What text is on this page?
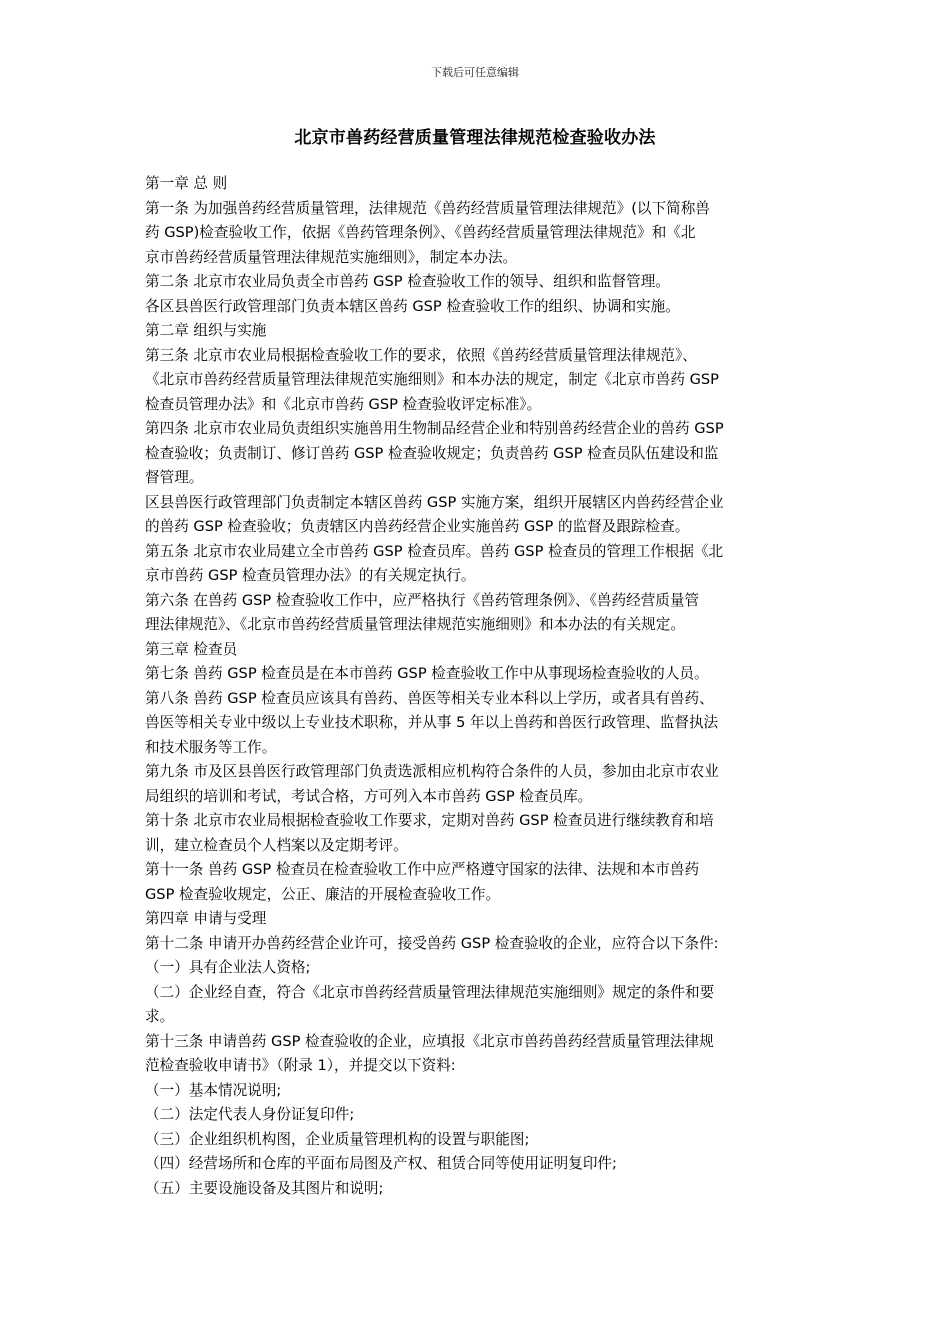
下载后可任意编辑
北京市兽药经营质量管理法律规范检查验收办法

第一章 总 则

第一条 为加强兽药经营质量管理，法律规范《兽药经营质量管理法律规范》(以下简称兽

药 GSP)检查验收工作，依据《兽药管理条例》、《兽药经营质量管理法律规范》和《北

京市兽药经营质量管理法律规范实施细则》，制定本办法。

第二条 北京市农业局负责全市兽药 GSP 检查验收工作的领导、组织和监督管理。

各区县兽医行政管理部门负责本辖区兽药 GSP 检查验收工作的组织、协调和实施。

第二章 组织与实施

第三条 北京市农业局根据检查验收工作的要求，依照《兽药经营质量管理法律规范》、

《北京市兽药经营质量管理法律规范实施细则》和本办法的规定，制定《北京市兽药 GSP

检查员管理办法》和《北京市兽药 GSP 检查验收评定标准》。

第四条 北京市农业局负责组织实施兽用生物制品经营企业和特别兽药经营企业的兽药 GSP

检查验收；负责制订、修订兽药 GSP 检查验收规定；负责兽药 GSP 检查员队伍建设和监

督管理。

区县兽医行政管理部门负责制定本辖区兽药 GSP 实施方案，组织开展辖区内兽药经营企业

的兽药 GSP 检查验收；负责辖区内兽药经营企业实施兽药 GSP 的监督及跟踪检查。

第五条 北京市农业局建立全市兽药 GSP 检查员库。兽药 GSP 检查员的管理工作根据《北

京市兽药 GSP 检查员管理办法》的有关规定执行。

第六条 在兽药 GSP 检查验收工作中，应严格执行《兽药管理条例》、《兽药经营质量管

理法律规范》、《北京市兽药经营质量管理法律规范实施细则》和本办法的有关规定。

第三章 检查员

第七条 兽药 GSP 检查员是在本市兽药 GSP 检查验收工作中从事现场检查验收的人员。

第八条 兽药 GSP 检查员应该具有兽药、兽医等相关专业本科以上学历，或者具有兽药、

兽医等相关专业中级以上专业技术职称，并从事 5 年以上兽药和兽医行政管理、监督执法

和技术服务等工作。

第九条 市及区县兽医行政管理部门负责选派相应机构符合条件的人员，参加由北京市农业

局组织的培训和考试，考试合格，方可列入本市兽药 GSP 检查员库。

第十条 北京市农业局根据检查验收工作要求，定期对兽药 GSP 检查员进行继续教育和培

训，建立检查员个人档案以及定期考评。

第十一条 兽药 GSP 检查员在检查验收工作中应严格遵守国家的法律、法规和本市兽药

GSP 检查验收规定，公正、廉洁的开展检查验收工作。

第四章 申请与受理

第十二条 申请开办兽药经营企业许可，接受兽药 GSP 检查验收的企业，应符合以下条件:

（一）具有企业法人资格;

（二）企业经自查，符合《北京市兽药经营质量管理法律规范实施细则》规定的条件和要

求。

第十三条 申请兽药 GSP 检查验收的企业，应填报《北京市兽药兽药经营质量管理法律规

范检查验收申请书》（附录 1），并提交以下资料:

（一）基本情况说明;

（二）法定代表人身份证复印件;

（三）企业组织机构图，企业质量管理机构的设置与职能图;

（四）经营场所和仓库的平面布局图及产权、租赁合同等使用证明复印件;

（五）主要设施设备及其图片和说明;
